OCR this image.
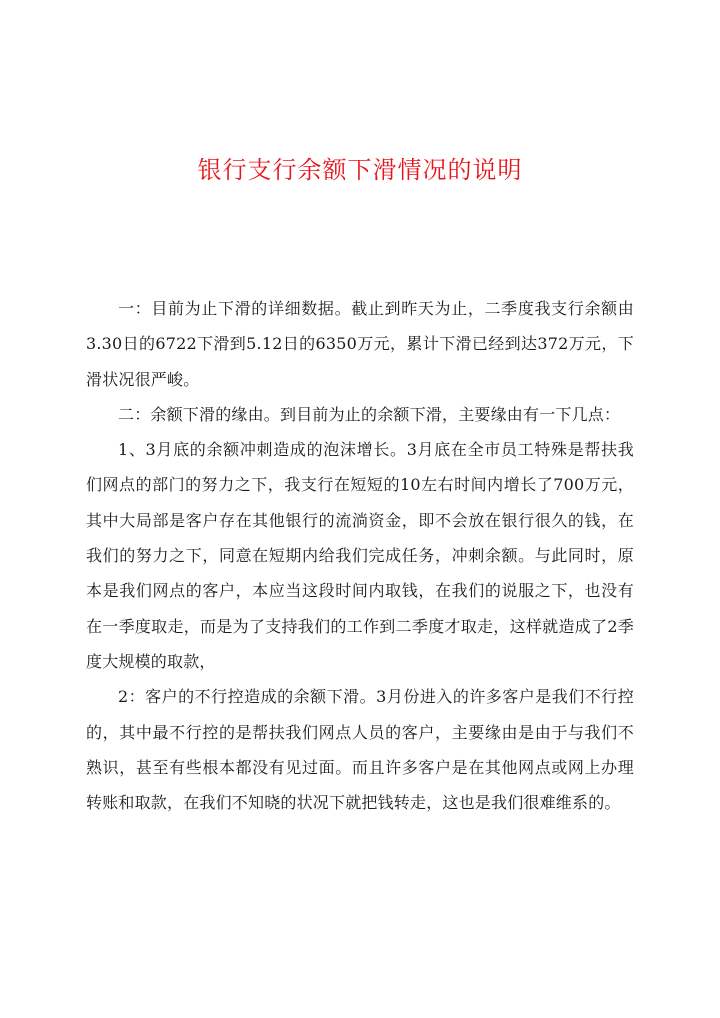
银行支行余额下滑情况的说明

一：目前为止下滑的详细数据。截止到昨天为止，二季度我支行余额由3.30日的6722下滑到5.12日的6350万元，累计下滑已经到达372万元，下滑状况很严峻。

二：余额下滑的缘由。到目前为止的余额下滑，主要缘由有一下几点：

1、3月底的余额冲刺造成的泡沫增长。3月底在全市员工特殊是帮扶我们网点的部门的努力之下，我支行在短短的10左右时间内增长了700万元，其中大局部是客户存在其他银行的流淌资金，即不会放在银行很久的钱，在我们的努力之下，同意在短期内给我们完成任务，冲刺余额。与此同时，原本是我们网点的客户，本应当这段时间内取钱，在我们的说服之下，也没有在一季度取走，而是为了支持我们的工作到二季度才取走，这样就造成了2季度大规模的取款，

2：客户的不行控造成的余额下滑。3月份进入的许多客户是我们不行控的，其中最不行控的是帮扶我们网点人员的客户，主要缘由是由于与我们不熟识，甚至有些根本都没有见过面。而且许多客户是在其他网点或网上办理转账和取款，在我们不知晓的状况下就把钱转走，这也是我们很难维系的。
